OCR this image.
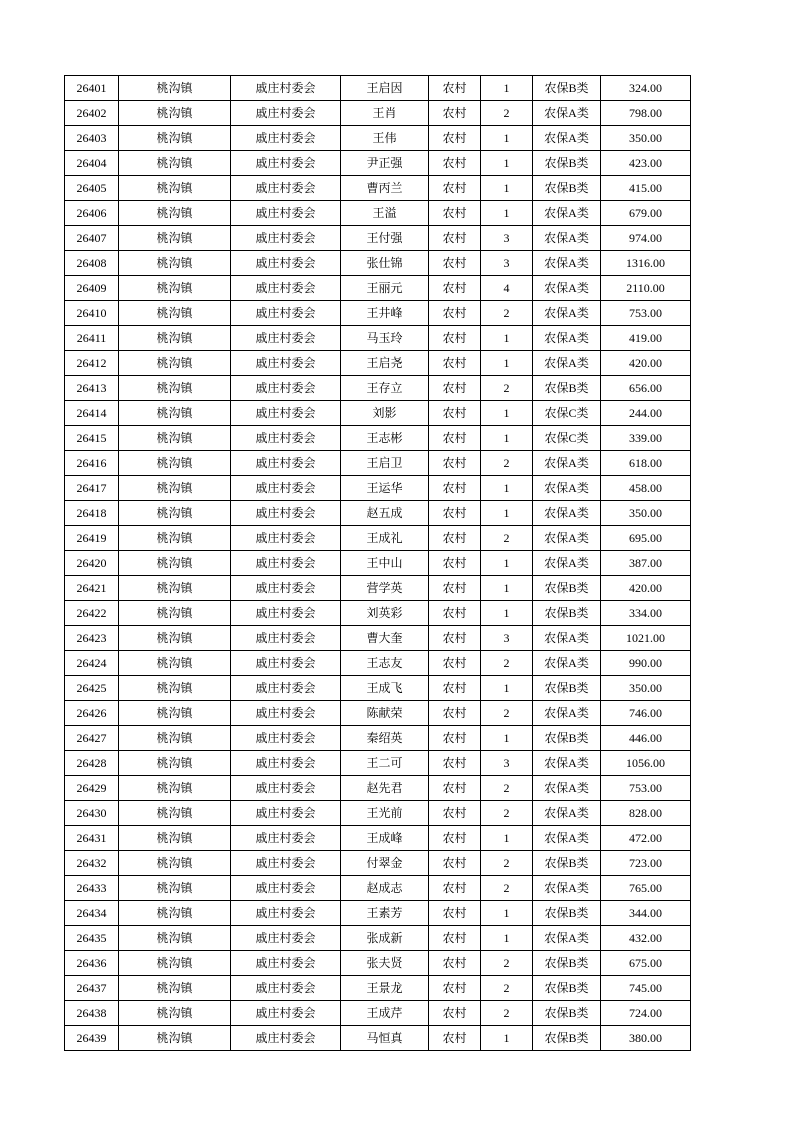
26401	桃沟镇	戚庄村委会	王启因	农村	1	农保B类	324.00
26402	桃沟镇	戚庄村委会	王肖	农村	2	农保A类	798.00
26403	桃沟镇	戚庄村委会	王伟	农村	1	农保A类	350.00
26404	桃沟镇	戚庄村委会	尹正强	农村	1	农保B类	423.00
26405	桃沟镇	戚庄村委会	曹丙兰	农村	1	农保B类	415.00
26406	桃沟镇	戚庄村委会	王溢	农村	1	农保A类	679.00
26407	桃沟镇	戚庄村委会	王付强	农村	3	农保A类	974.00
26408	桃沟镇	戚庄村委会	张仕锦	农村	3	农保A类	1316.00
26409	桃沟镇	戚庄村委会	王丽元	农村	4	农保A类	2110.00
26410	桃沟镇	戚庄村委会	王井峰	农村	2	农保A类	753.00
26411	桃沟镇	戚庄村委会	马玉玲	农村	1	农保A类	419.00
26412	桃沟镇	戚庄村委会	王启尧	农村	1	农保A类	420.00
26413	桃沟镇	戚庄村委会	王存立	农村	2	农保B类	656.00
26414	桃沟镇	戚庄村委会	刘影	农村	1	农保C类	244.00
26415	桃沟镇	戚庄村委会	王志彬	农村	1	农保C类	339.00
26416	桃沟镇	戚庄村委会	王启卫	农村	2	农保A类	618.00
26417	桃沟镇	戚庄村委会	王运华	农村	1	农保A类	458.00
26418	桃沟镇	戚庄村委会	赵五成	农村	1	农保A类	350.00
26419	桃沟镇	戚庄村委会	王成礼	农村	2	农保A类	695.00
26420	桃沟镇	戚庄村委会	王中山	农村	1	农保A类	387.00
26421	桃沟镇	戚庄村委会	营学英	农村	1	农保B类	420.00
26422	桃沟镇	戚庄村委会	刘英彩	农村	1	农保B类	334.00
26423	桃沟镇	戚庄村委会	曹大奎	农村	3	农保A类	1021.00
26424	桃沟镇	戚庄村委会	王志友	农村	2	农保A类	990.00
26425	桃沟镇	戚庄村委会	王成飞	农村	1	农保B类	350.00
26426	桃沟镇	戚庄村委会	陈献荣	农村	2	农保A类	746.00
26427	桃沟镇	戚庄村委会	秦绍英	农村	1	农保B类	446.00
26428	桃沟镇	戚庄村委会	王二可	农村	3	农保A类	1056.00
26429	桃沟镇	戚庄村委会	赵先君	农村	2	农保A类	753.00
26430	桃沟镇	戚庄村委会	王光前	农村	2	农保A类	828.00
26431	桃沟镇	戚庄村委会	王成峰	农村	1	农保A类	472.00
26432	桃沟镇	戚庄村委会	付翠金	农村	2	农保B类	723.00
26433	桃沟镇	戚庄村委会	赵成志	农村	2	农保A类	765.00
26434	桃沟镇	戚庄村委会	王素芳	农村	1	农保B类	344.00
26435	桃沟镇	戚庄村委会	张成新	农村	1	农保A类	432.00
26436	桃沟镇	戚庄村委会	张夫贤	农村	2	农保B类	675.00
26437	桃沟镇	戚庄村委会	王景龙	农村	2	农保B类	745.00
26438	桃沟镇	戚庄村委会	王成芹	农村	2	农保B类	724.00
26439	桃沟镇	戚庄村委会	马恒真	农村	1	农保B类	380.00
